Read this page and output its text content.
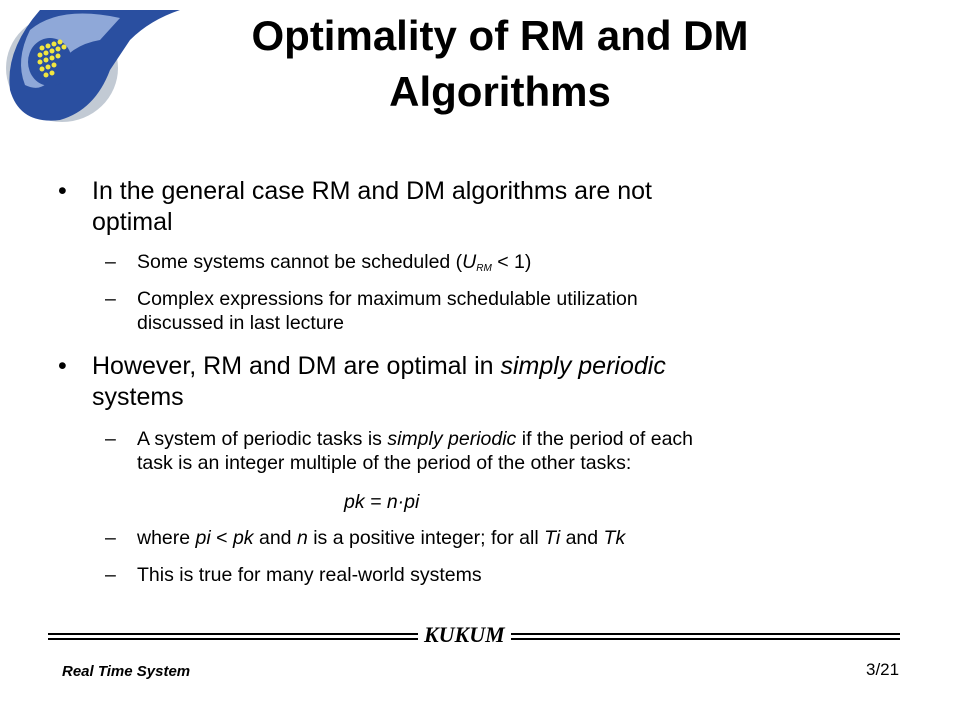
Optimality of RM and DM
Algorithms
• In the general case RM and DM algorithms are not
optimal
– Some systems cannot be scheduled $(U_{RM} < 1)$
– Complex expressions for maximum schedulable utilization
discussed in last lecture
• However, RM and DM are optimal in simply periodic
systems
– A system of periodic tasks is simply periodic if the period of each
task is an integer multiple of the period of the other tasks:
pk = n·pi
– where pi < pk and n is a positive integer; for all Ti and Tk
– This is true for many real-world systems
KUKUM
Real Time System	3/21
